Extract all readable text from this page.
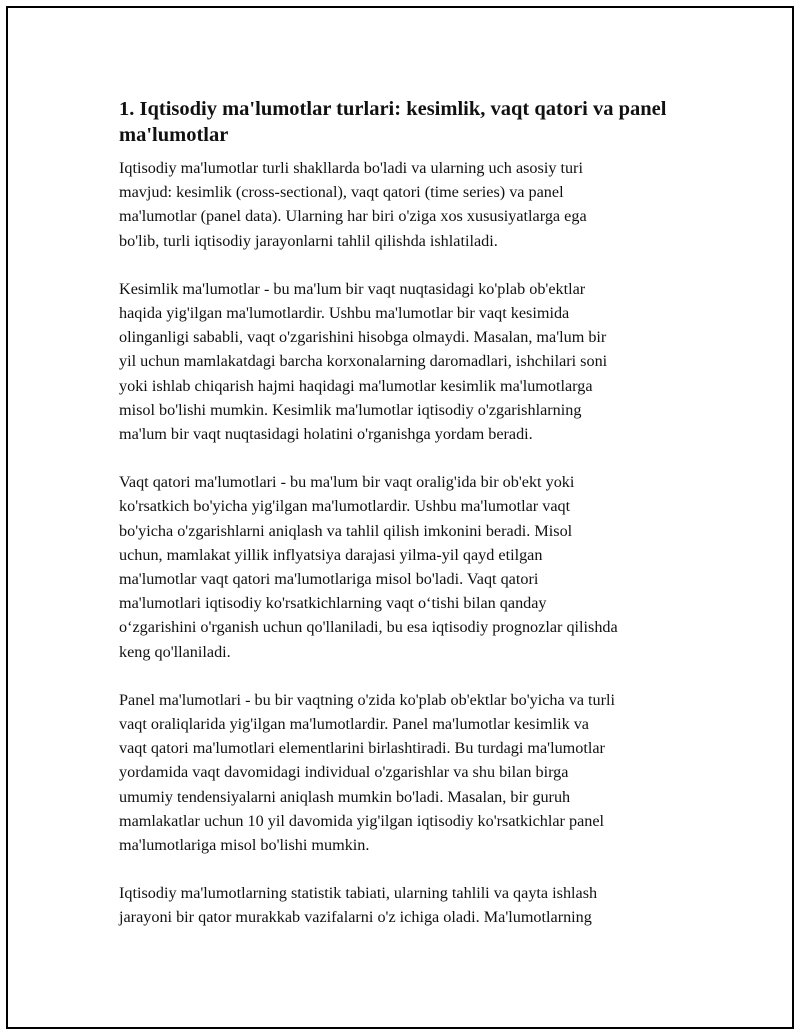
1. Iqtisodiy ma'lumotlar turlari: kesimlik, vaqt qatori va panel
ma'lumotlar

Iqtisodiy ma'lumotlar turli shakllarda bo'ladi va ularning uch asosiy turi
mavjud: kesimlik (cross-sectional), vaqt qatori (time series) va panel
ma'lumotlar (panel data). Ularning har biri o'ziga xos xususiyatlarga ega
bo'lib, turli iqtisodiy jarayonlarni tahlil qilishda ishlatiladi.

Kesimlik ma'lumotlar - bu ma'lum bir vaqt nuqtasidagi ko'plab ob'ektlar
haqida yig'ilgan ma'lumotlardir. Ushbu ma'lumotlar bir vaqt kesimida
olinganligi sababli, vaqt o'zgarishini hisobga olmaydi. Masalan, ma'lum bir
yil uchun mamlakatdagi barcha korxonalarning daromadlari, ishchilari soni
yoki ishlab chiqarish hajmi haqidagi ma'lumotlar kesimlik ma'lumotlarga
misol bo'lishi mumkin. Kesimlik ma'lumotlar iqtisodiy o'zgarishlarning
ma'lum bir vaqt nuqtasidagi holatini o'rganishga yordam beradi.

Vaqt qatori ma'lumotlari - bu ma'lum bir vaqt oralig'ida bir ob'ekt yoki
ko'rsatkich bo'yicha yig'ilgan ma'lumotlardir. Ushbu ma'lumotlar vaqt
bo'yicha o'zgarishlarni aniqlash va tahlil qilish imkonini beradi. Misol
uchun, mamlakat yillik inflyatsiya darajasi yilma-yil qayd etilgan
ma'lumotlar vaqt qatori ma'lumotlariga misol bo'ladi. Vaqt qatori
ma'lumotlari iqtisodiy ko'rsatkichlarning vaqt o‘tishi bilan qanday
o‘zgarishini o'rganish uchun qo'llaniladi, bu esa iqtisodiy prognozlar qilishda
keng qo'llaniladi.

Panel ma'lumotlari - bu bir vaqtning o'zida ko'plab ob'ektlar bo'yicha va turli
vaqt oraliqlarida yig'ilgan ma'lumotlardir. Panel ma'lumotlar kesimlik va
vaqt qatori ma'lumotlari elementlarini birlashtiradi. Bu turdagi ma'lumotlar
yordamida vaqt davomidagi individual o'zgarishlar va shu bilan birga
umumiy tendensiyalarni aniqlash mumkin bo'ladi. Masalan, bir guruh
mamlakatlar uchun 10 yil davomida yig'ilgan iqtisodiy ko'rsatkichlar panel
ma'lumotlariga misol bo'lishi mumkin.

Iqtisodiy ma'lumotlarning statistik tabiati, ularning tahlili va qayta ishlash
jarayoni bir qator murakkab vazifalarni o'z ichiga oladi. Ma'lumotlarning
